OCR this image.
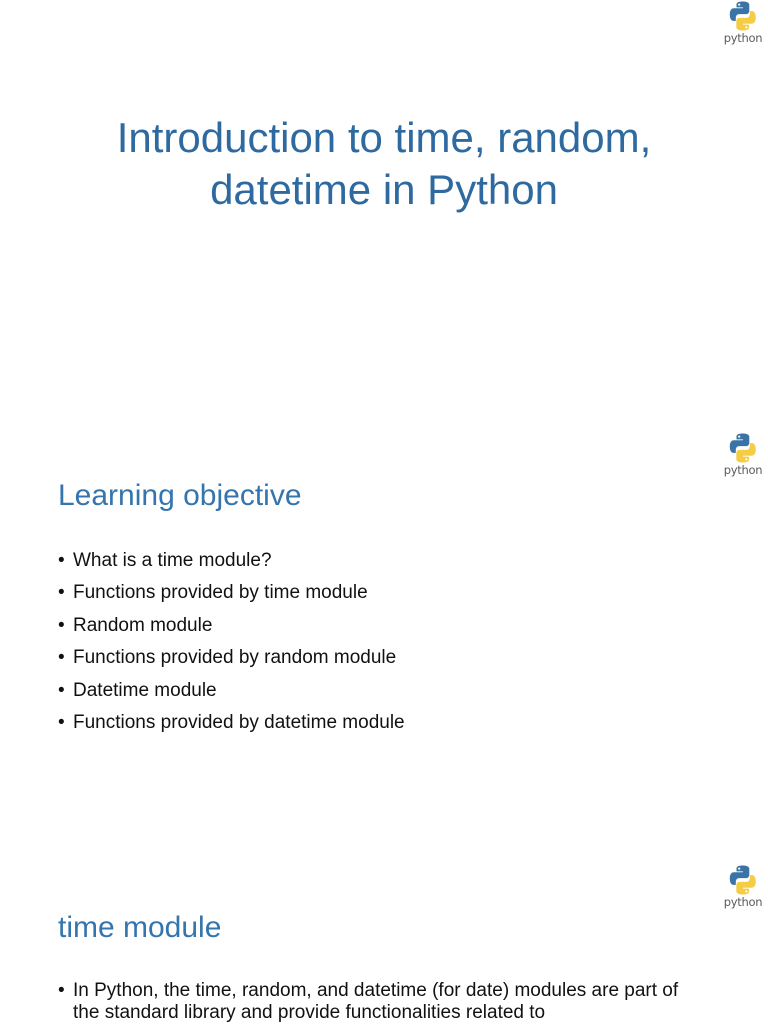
python
Introduction to time, random, datetime in Python
python
Learning objective
• What is a time module?
• Functions provided by time module
• Random module
• Functions provided by random module
• Datetime module
• Functions provided by datetime module
python
time module
• In Python, the time, random, and datetime (for date) modules are part of the standard library and provide functionalities related to
